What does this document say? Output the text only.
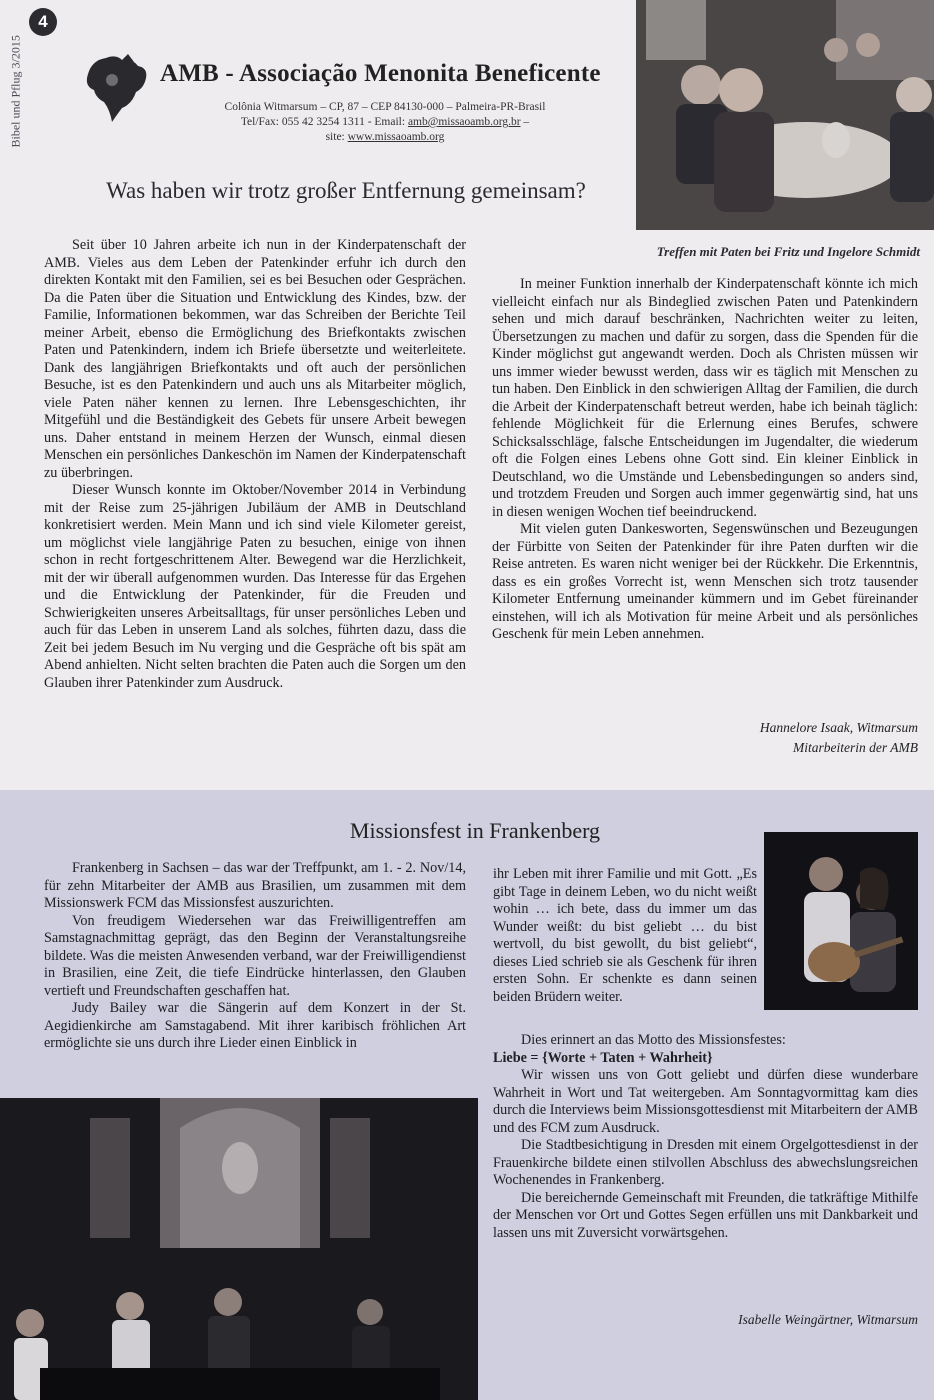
Bibel und Pflug 3/2015
4
AMB - Associação Menonita Beneficente
Colônia Witmarsum – CP, 87 – CEP 84130-000 – Palmeira-PR-Brasil
Tel/Fax: 055 42 3254 1311 - Email: amb@missaoamb.org.br –
site: www.missaoamb.org
Was haben wir trotz großer Entfernung gemeinsam?
Treffen mit Paten bei Fritz und Ingelore Schmidt

Seit über 10 Jahren arbeite ich nun in der Kinderpatenschaft der AMB. Vieles aus dem Leben der Patenkinder erfuhr ich durch den direkten Kontakt mit den Familien, sei es bei Besuchen oder Gesprächen. Da die Paten über die Situation und Entwicklung des Kindes, bzw. der Familie, Informationen bekommen, war das Schreiben der Berichte Teil meiner Arbeit, ebenso die Ermöglichung des Briefkontakts zwischen Paten und Patenkindern, indem ich Briefe übersetzte und weiterleitete. Dank des langjährigen Briefkontakts und oft auch der persönlichen Besuche, ist es den Patenkindern und auch uns als Mitarbeiter möglich, viele Paten näher kennen zu lernen. Ihre Lebensgeschichten, ihr Mitgefühl und die Beständigkeit des Gebets für unsere Arbeit bewegen uns. Daher entstand in meinem Herzen der Wunsch, einmal diesen Menschen ein persönliches Dankeschön im Namen der Kinderpatenschaft zu überbringen.

Dieser Wunsch konnte im Oktober/November 2014 in Verbindung mit der Reise zum 25-jährigen Jubiläum der AMB in Deutschland konkretisiert werden. Mein Mann und ich sind viele Kilometer gereist, um möglichst viele langjährige Paten zu besuchen, einige von ihnen schon in recht fortgeschrittenem Alter. Bewegend war die Herzlichkeit, mit der wir überall aufgenommen wurden. Das Interesse für das Ergehen und die Entwicklung der Patenkinder, für die Freuden und Schwierigkeiten unseres Arbeitsalltags, für unser persönliches Leben und auch für das Leben in unserem Land als solches, führten dazu, dass die Zeit bei jedem Besuch im Nu verging und die Gespräche oft bis spät am Abend anhielten. Nicht selten brachten die Paten auch die Sorgen um den Glauben ihrer Patenkinder zum Ausdruck.

In meiner Funktion innerhalb der Kinderpatenschaft könnte ich mich vielleicht einfach nur als Bindeglied zwischen Paten und Patenkindern sehen und mich darauf beschränken, Nachrichten weiter zu leiten, Übersetzungen zu machen und dafür zu sorgen, dass die Spenden für die Kinder möglichst gut angewandt werden. Doch als Christen müssen wir uns immer wieder bewusst werden, dass wir es täglich mit Menschen zu tun haben. Den Einblick in den schwierigen Alltag der Familien, die durch die Arbeit der Kinderpatenschaft betreut werden, habe ich beinah täglich: fehlende Möglichkeit für die Erlernung eines Berufes, schwere Schicksalsschläge, falsche Entscheidungen im Jugendalter, die wiederum oft die Folgen eines Lebens ohne Gott sind. Ein kleiner Einblick in Deutschland, wo die Umstände und Lebensbedingungen so anders sind, und trotzdem Freuden und Sorgen auch immer gegenwärtig sind, hat uns in diesen wenigen Wochen tief beeindruckend.

Mit vielen guten Dankesworten, Segenswünschen und Bezeugungen der Fürbitte von Seiten der Patenkinder für ihre Paten durften wir die Reise antreten. Es waren nicht weniger bei der Rückkehr. Die Erkenntnis, dass es ein großes Vorrecht ist, wenn Menschen sich trotz tausender Kilometer Entfernung umeinander kümmern und im Gebet füreinander einstehen, will ich als Motivation für meine Arbeit und als persönliches Geschenk für mein Leben annehmen.

Hannelore Isaak, Witmarsum
Mitarbeiterin der AMB
Missionsfest in Frankenberg

Frankenberg in Sachsen – das war der Treffpunkt, am 1. - 2. Nov/14, für zehn Mitarbeiter der AMB aus Brasilien, um zusammen mit dem Missionswerk FCM das Missionsfest auszurichten.

Von freudigem Wiedersehen war das Freiwilligentreffen am Samstagnachmittag geprägt, das den Beginn der Veranstaltungsreihe bildete. Was die meisten Anwesenden verband, war der Freiwilligendienst in Brasilien, eine Zeit, die tiefe Eindrücke hinterlassen, den Glauben vertieft und Freundschaften geschaffen hat.

Judy Bailey war die Sängerin auf dem Konzert in der St. Aegidienkirche am Samstagabend. Mit ihrer karibisch fröhlichen Art ermöglichte sie uns durch ihre Lieder einen Einblick in

ihr Leben mit ihrer Familie und mit Gott. „Es gibt Tage in deinem Leben, wo du nicht weißt wohin … ich bete, dass du immer um das Wunder weißt: du bist geliebt … du bist wertvoll, du bist gewollt, du bist geliebt“, dieses Lied schrieb sie als Geschenk für ihren ersten Sohn. Er schenkte es dann seinen beiden Brüdern weiter.

Dies erinnert an das Motto des Missionsfestes:

Liebe = {Worte + Taten + Wahrheit}

Wir wissen uns von Gott geliebt und dürfen diese wunderbare Wahrheit in Wort und Tat weitergeben. Am Sonntagvormittag kam dies durch die Interviews beim Missionsgottesdienst mit Mitarbeitern der AMB und des FCM zum Ausdruck.

Die Stadtbesichtigung in Dresden mit einem Orgelgottesdienst in der Frauenkirche bildete einen stilvollen Abschluss des abwechslungsreichen Wochenendes in Frankenberg.

Die bereichernde Gemeinschaft mit Freunden, die tatkräftige Mithilfe der Menschen vor Ort und Gottes Segen erfüllen uns mit Dankbarkeit und lassen uns mit Zuversicht vorwärtsgehen.

Isabelle Weingärtner, Witmarsum
